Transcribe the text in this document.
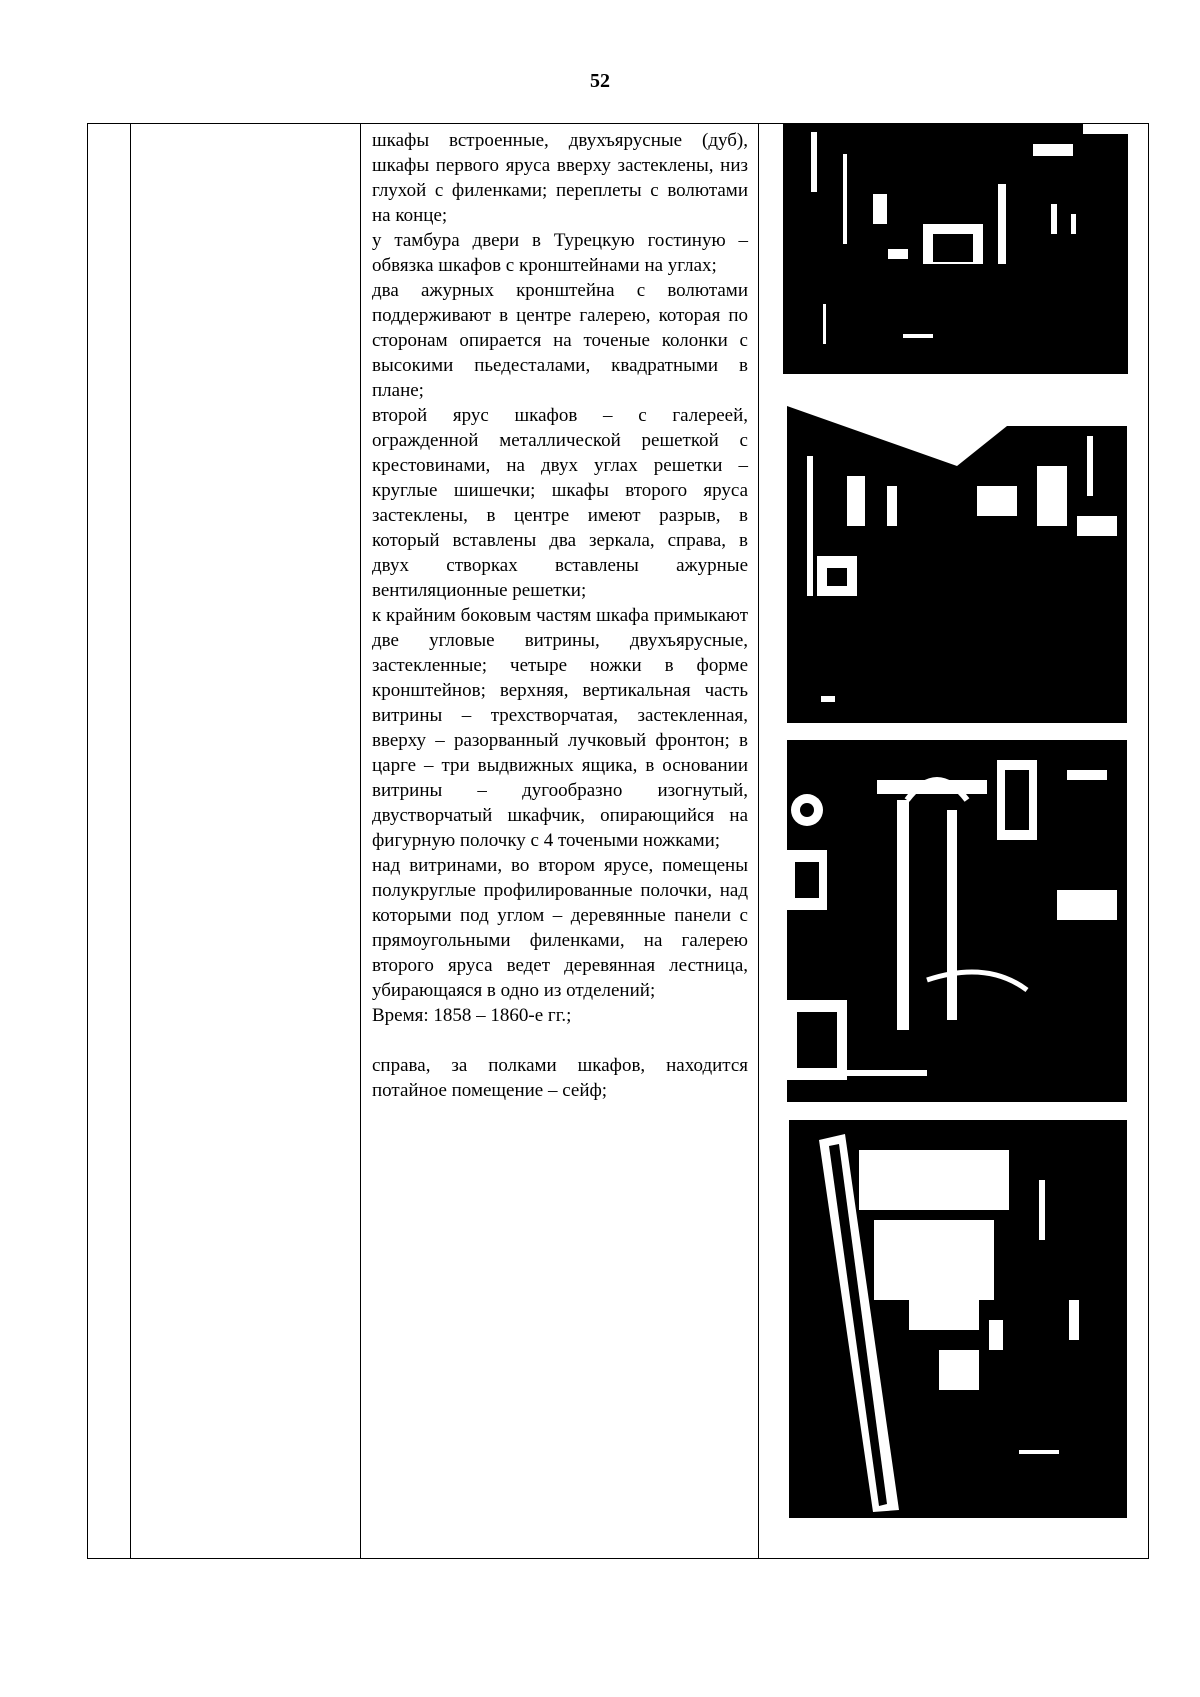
52

шкафы встроенные, двухъярусные (дуб), шкафы первого яруса вверху застеклены, низ глухой с филенками; переплеты с волютами на конце;

у тамбура двери в Турецкую гостиную – обвязка шкафов с кронштейнами на углах;

два ажурных кронштейна с волютами поддерживают в центре галерею, которая по сторонам опирается на точеные колонки с высокими пьедесталами, квадратными в плане;

второй ярус шкафов – с галереей, огражденной металлической решеткой с крестовинами, на двух углах решетки – круглые шишечки; шкафы второго яруса застеклены, в центре имеют разрыв, в который вставлены два зеркала, справа, в двух створках вставлены ажурные вентиляционные решетки;

к крайним боковым частям шкафа примыкают две угловые витрины, двухъярусные, застекленные; четыре ножки в форме кронштейнов; верхняя, вертикальная часть витрины – трехстворчатая, застекленная, вверху – разорванный лучковый фронтон; в царге – три выдвижных ящика, в основании витрины – дугообразно изогнутый, двустворчатый шкафчик, опирающийся на фигурную полочку с 4 точеными ножками;

над витринами, во втором ярусе, помещены полукруглые профилированные полочки, над которыми под углом – деревянные панели с прямоугольными филенками, на галерею второго яруса ведет деревянная лестница, убирающаяся в одно из отделений;

Время: 1858 – 1860-е гг.;

справа, за полками шкафов, находится потайное помещение – сейф;
